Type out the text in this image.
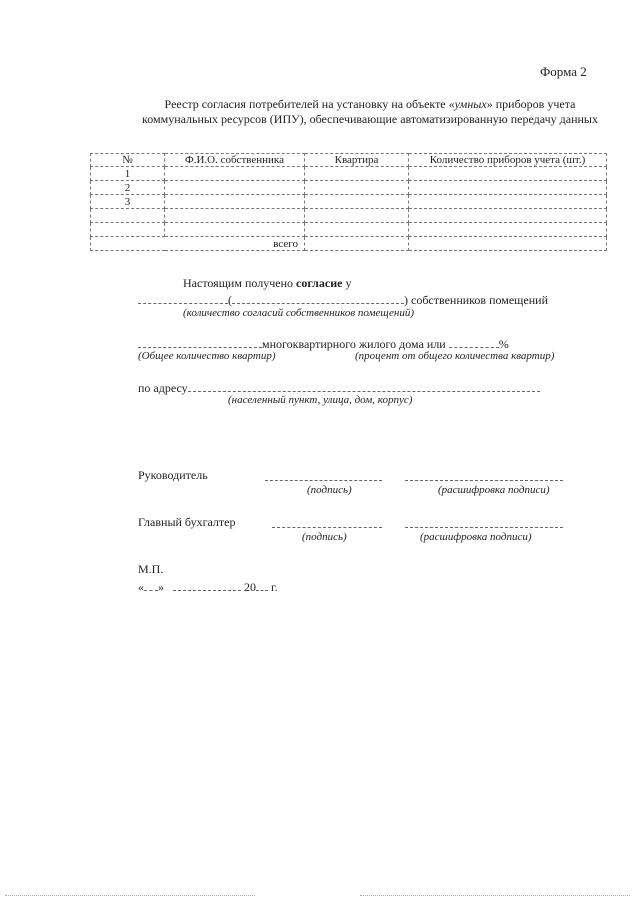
Форма 2
Реестр согласия потребителей на установку на объекте «умных» приборов учета коммунальных ресурсов (ИПУ), обеспечивающие автоматизированную передачу данных
№	Ф.И.О. собственника	Квартира	Количество приборов учета (шт.)
1			
2			
3			

всего			
Настоящим получено согласие у
(	) собственников помещений
(количество согласий собственников помещений)
многоквартирного жилого дома или	%
(Общее количество квартир)	(процент от общего количества квартир)
по адресу
(населенный пункт, улица, дом, корпус)
Руководитель
(подпись)	(расшифровка подписи)
Главный бухгалтер
(подпись)	(расшифровка подписи)
М.П.
« »	20 г.
